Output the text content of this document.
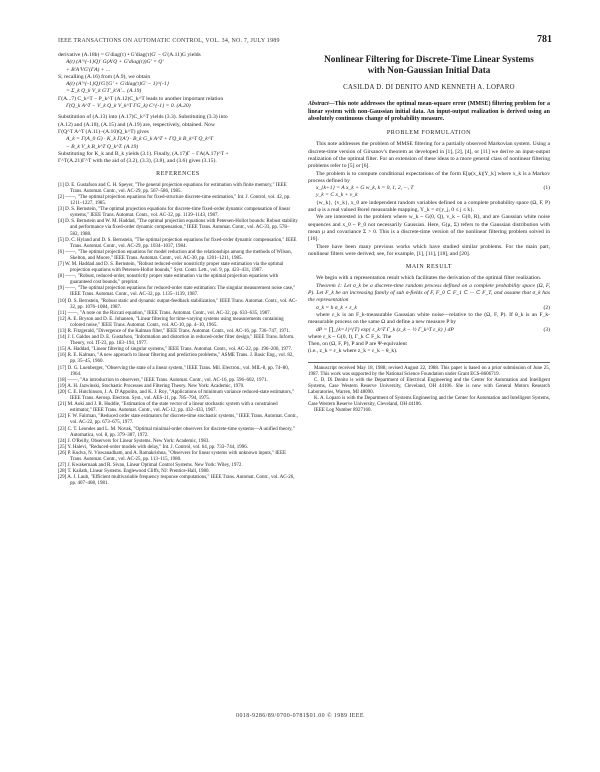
IEEE TRANSACTIONS ON AUTOMATIC CONTROL, VOL. 34, NO. 7, JULY 1989	781
derivative (A.18b) = G'diag(τ) • G'diag(τ)G' − G'(A.11)G yields
A(t) (A'^{-1}Q)' G(A'Q + G'diag(τ))G' = Q'
+ B'A'VG'(ΓA) + ...
S; recalling (A.16) from (A.9), we obtain
A(t) (A'^{-1}Q)'G'(G' + G'diag(τ)G' − 1)^{-1}
= Σ_k Q_k V_k G'Γ_k'A'... (A.19)
Γ(A...7) C_k^T − P_k^T (A.12)C_k^T leads to another important relation
Γ(Q_k A^T − V_k Q_k V_k^T ΓG_k) C^{-1} = 0. (A.20)
Substitution of (A.13) into (A.17)C_k^T yields (3.3). Substituting (3.3) into
(A.12) and (A.18), (A.15) and (A.19) are, respectively, obtained. Now
Γ(Q^T A^T (A.11)−(A.10)Q_k^T) gives
A_k = Γ(A_0 G) · K_k Γ(A') · B_k G_k A^T + ΓQ_k B_k^T Q_k^T
− B_k V_k B_k^T Q_k^T. (A.19)
Substituting for K_k and B_k yields (3.1). Finally, (A.17)Γ − ΓA(A.17)^T +
Γ^T(A.21)Γ^T with the aid of (3.2), (3.3), (3.8), and (3.6) gives (3.15).
REFERENCES
[1] D. E. Gustafson and C. H. Speyer, "The general projection equations for estimation with finite memory," IEEE Trans. Automat. Contr., vol. AC-29, pp. 567–586, 1985.
[2] ——, "The optimal projection equations for fixed-structure discrete-time estimation," Int. J. Control, vol. 42, pp. 1211–1227, 1985.
[3] D. S. Bernstein, "The optimal projection equations for discrete-time fixed-order dynamic compensation of linear systems," IEEE Trans. Automat. Contr., vol. AC-32, pp. 1139–1143, 1987.
[4] D. S. Bernstein and W. M. Haddad, "The optimal projection equations with Petersen-Hollot bounds: Robust stability and performance via fixed-order dynamic compensation," IEEE Trans. Automat. Contr., vol. AC-33, pp. 578–582, 1988.
[5] D. C. Hyland and D. S. Bernstein, "The optimal projection equations for fixed-order dynamic compensation," IEEE Trans. Automat. Contr., vol. AC-29, pp. 1034–1037, 1984.
[6] ——, "The optimal projection equations for model reduction and the relationships among the methods of Wilson, Skelton, and Moore," IEEE Trans. Automat. Contr., vol. AC-30, pp. 1201–1211, 1985.
[7] W. M. Haddad and D. S. Bernstein, "Robust reduced-order nonstrictly proper state estimation via the optimal projection equations with Petersen-Hollot bounds," Syst. Contr. Lett., vol. 9, pp. 423–431, 1987.
[8] ——, "Robust, reduced-order, nonstrictly proper state estimation via the optimal projection equations with guaranteed cost bounds," preprint.
[9] ——, "The optimal projection equations for reduced-order state estimation: The singular measurement noise case," IEEE Trans. Automat. Contr., vol. AC-32, pp. 1135–1139, 1987.
[10] D. S. Bernstein, "Robust static and dynamic output-feedback stabilization," IEEE Trans. Automat. Contr., vol. AC-32, pp. 1076–1084, 1987.
[11] ——, "A note on the Riccati equation," IEEE Trans. Automat. Contr., vol. AC-32, pp. 633–635, 1987.
[12] A. E. Bryson and D. E. Johansen, "Linear filtering for time-varying systems using measurements containing colored noise," IEEE Trans. Automat. Contr., vol. AC-10, pp. 4–10, 1965.
[13] R. Fitzgerald, "Divergence of the Kalman filter," IEEE Trans. Automat. Contr., vol. AC-16, pp. 736–747, 1971.
[14] J. I. Galdos and D. E. Gustafson, "Information and distortion in reduced-order filter design," IEEE Trans. Inform. Theory, vol. IT-23, pp. 183–194, 1977.
[15] A. Haddad, "Linear filtering of singular systems," IEEE Trans. Automat. Contr., vol. AC-22, pp. 196–206, 1977.
[16] R. E. Kalman, "A new approach to linear filtering and prediction problems," ASME Trans. J. Basic Eng., vol. 82, pp. 35–45, 1960.
[17] D. G. Luenberger, "Observing the state of a linear system," IEEE Trans. Mil. Electron., vol. MIL-8, pp. 74–80, 1964.
[18] ——, "An introduction to observers," IEEE Trans. Automat. Contr., vol. AC-16, pp. 596–602, 1971.
[19] A. H. Jazwinski, Stochastic Processes and Filtering Theory. New York: Academic, 1970.
[20] C. E. Hutchinson, J. A. D'Appolito, and K. J. Roy, "Applications of minimum variance reduced-state estimators," IEEE Trans. Aerosp. Electron. Syst., vol. AES-11, pp. 785–794, 1975.
[21] M. Aoki and J. R. Huddle, "Estimation of the state vector of a linear stochastic system with a constrained estimator," IEEE Trans. Automat. Contr., vol. AC-12, pp. 432–433, 1967.
[22] F. W. Fairman, "Reduced order state estimators for discrete-time stochastic systems," IEEE Trans. Automat. Contr., vol. AC-22, pp. 673–675, 1977.
[23] C. T. Leondes and L. M. Novak, "Optimal minimal-order observers for discrete-time systems—A unified theory," Automatica, vol. 8, pp. 379–387, 1972.
[24] J. O'Reilly, Observers for Linear Systems. New York: Academic, 1983.
[25] Y. Halevi, "Reduced-order models with delay," Int. J. Control, vol. 64, pp. 733–744, 1996.
[26] P. Kudva, N. Viswanadham, and A. Ramakrishna, "Observers for linear systems with unknown inputs," IEEE Trans. Automat. Contr., vol. AC-25, pp. 113–115, 1980.
[27] J. Kwakernaak and R. Sivan, Linear Optimal Control Systems. New York: Wiley, 1972.
[28] T. Kailath, Linear Systems. Englewood Cliffs, NJ: Prentice-Hall, 1980.
[29] A. J. Laub, "Efficient multivariable frequency response computations," IEEE Trans. Automat. Contr., vol. AC-26, pp. 407–408, 1981.
Nonlinear Filtering for Discrete-Time Linear Systems
with Non-Gaussian Initial Data
CASILDA D. DI DENITO AND KENNETH A. LOPARO
Abstract—This note addresses the optimal mean-square error (MMSE) filtering problem for a linear system with non-Gaussian initial data. An input-output realization is derived using an absolutely continuous change of probability measure.
PROBLEM FORMULATION
This note addresses the problem of MMSE filtering for a partially observed Markovian system. Using a discrete-time version of Girsanov's theorem as developed in [1], [2], [4], or [11] we derive an input-output realization of the optimal filter. For an extension of these ideas to a more general class of nonlinear filtering problems refer to [5] or [6].
The problem is to compute conditional expectations of the form E[φ(x_k)|Y_k] where x_k is a Markov process defined by
x_{k+1} = A x_k + G w_k, k = 0, 1, 2, ···, T	(1)
y_k = C x_k + v_k
{w_k}, {v_k}, x_0 are independent random variables defined on a complete probability space (Ω, F, P) and φ is a real valued Borel measurable mapping, Y_k = σ{y_j, 0 ≤ j ≤ k}.
We are interested in the problem where w_k ~ G(0, Q), v_k ~ G(0, R), and are Gaussian white noise sequences and x_0 ~ P_0 not necessarily Gaussian. Here, G(μ, Σ) refers to the Gaussian distribution with mean μ and covariance Σ > 0. This is a discrete-time version of the nonlinear filtering problem solved in [16].
There have been many previous works which have studied similar problems. For the main part, nonlinear filters were derived; see, for example, [1], [11], [18], and [20].
MAIN RESULT
We begin with a representation result which facilitates the derivation of the optimal filter realization.
Theorem 1: Let σ_k be a discrete-time random process defined on a complete probability space (Ω, F, P). Let F_k be an increasing family of sub σ-fields of F, F_0 ⊂ F_1 ⊂ ··· ⊂ F_T, and assume that σ_k has the representation
σ_k = h σ_k + ε_k	(2)
where ε_k is an F_k-measurable Gaussian white noise—relative to the (Ω, F, P). If θ_k is an F_k-measurable process on the same Ω and define a new measure P by
dP̃ = ∏_{k=1}^{T} exp{ ε_k^T Γ_k (z_k − ½ Γ_k^T ε_k) } dP	(3)
where ε_k ~ G(0, I), Γ_k ⊂ F_k. The
Then, on (Ω, F, P̃), P̃ and P are Ψ-equivalent
(i.e., z_k = ε_k where z_k = ε_k − θ_k).
Manuscript received May 18, 1988; revised August 22, 1988. This paper is based on a prior submission of June 25, 1987. This work was supported by the National Science Foundation under Grant ECS-8606719.
C. D. Di Denito is with the Department of Electrical Engineering and the Center for Automation and Intelligent Systems, Case Western Reserve University, Cleveland, OH 44106. She is now with General Motors Research Laboratories, Warren, MI 48090.
K. A. Loparo is with the Department of Systems Engineering and the Center for Automation and Intelligent Systems, Case Western Reserve University, Cleveland, OH 44106.
IEEE Log Number 8927160.
0018-9286/89/0700-0781$01.00 © 1989 IEEE
